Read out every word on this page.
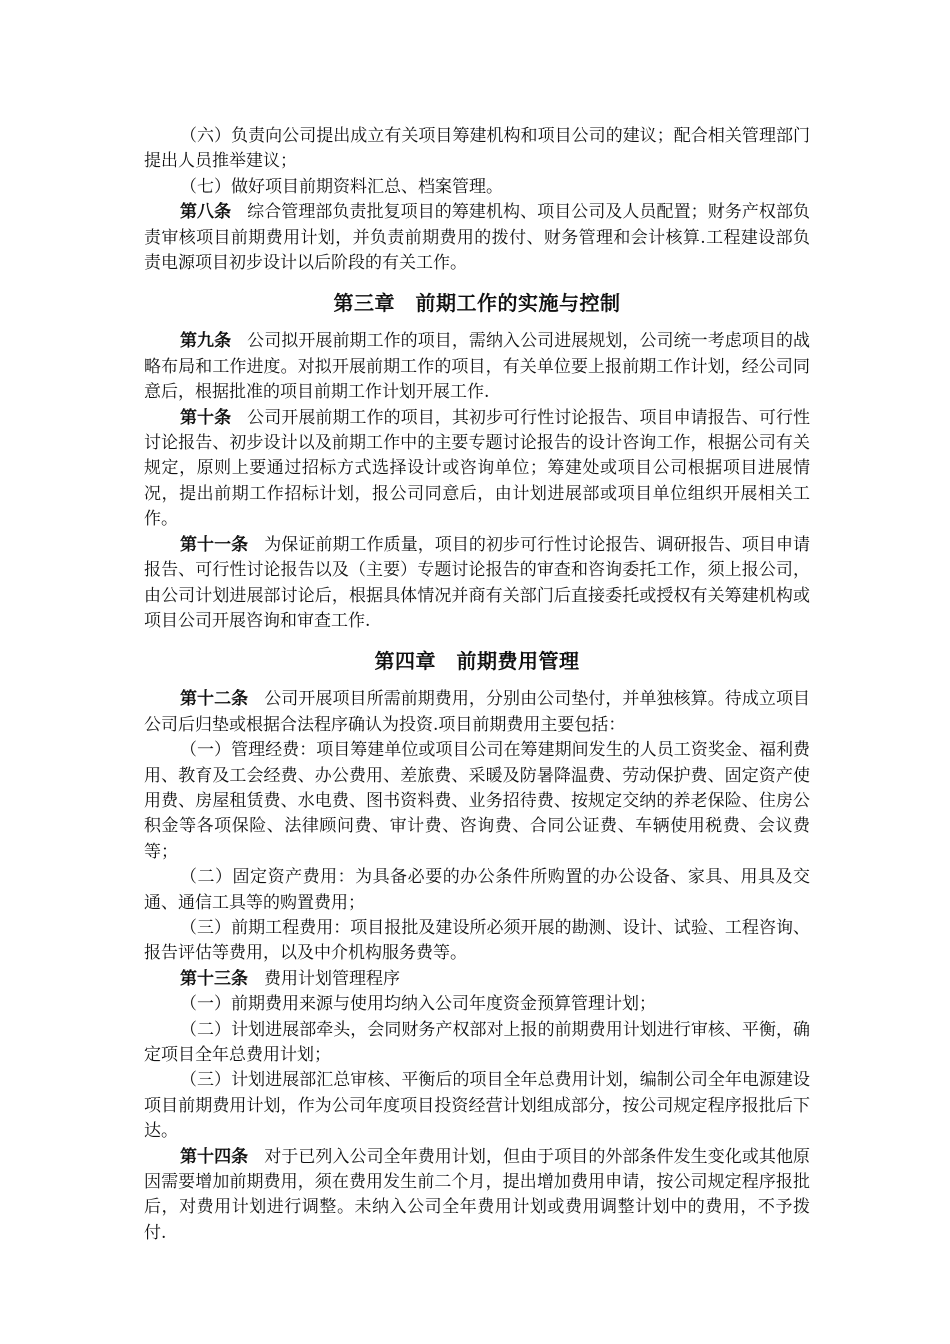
（六）负责向公司提出成立有关项目筹建机构和项目公司的建议；配合相关管理部门提出人员推举建议；

（七）做好项目前期资料汇总、档案管理。

第八条 综合管理部负责批复项目的筹建机构、项目公司及人员配置；财务产权部负责审核项目前期费用计划，并负责前期费用的拨付、财务管理和会计核算.工程建设部负责电源项目初步设计以后阶段的有关工作。

第三章　前期工作的实施与控制

第九条 公司拟开展前期工作的项目，需纳入公司进展规划，公司统一考虑项目的战略布局和工作进度。对拟开展前期工作的项目，有关单位要上报前期工作计划，经公司同意后，根据批准的项目前期工作计划开展工作.

第十条 公司开展前期工作的项目，其初步可行性讨论报告、项目申请报告、可行性讨论报告、初步设计以及前期工作中的主要专题讨论报告的设计咨询工作，根据公司有关规定，原则上要通过招标方式选择设计或咨询单位；筹建处或项目公司根据项目进展情况，提出前期工作招标计划，报公司同意后，由计划进展部或项目单位组织开展相关工作。

第十一条 为保证前期工作质量，项目的初步可行性讨论报告、调研报告、项目申请报告、可行性讨论报告以及（主要）专题讨论报告的审查和咨询委托工作，须上报公司，由公司计划进展部讨论后，根据具体情况并商有关部门后直接委托或授权有关筹建机构或项目公司开展咨询和审查工作.

第四章　前期费用管理

第十二条 公司开展项目所需前期费用，分别由公司垫付，并单独核算。待成立项目公司后归垫或根据合法程序确认为投资.项目前期费用主要包括：

（一）管理经费：项目筹建单位或项目公司在筹建期间发生的人员工资奖金、福利费用、教育及工会经费、办公费用、差旅费、采暖及防暑降温费、劳动保护费、固定资产使用费、房屋租赁费、水电费、图书资料费、业务招待费、按规定交纳的养老保险、住房公积金等各项保险、法律顾问费、审计费、咨询费、合同公证费、车辆使用税费、会议费等；

（二）固定资产费用：为具备必要的办公条件所购置的办公设备、家具、用具及交通、通信工具等的购置费用；

（三）前期工程费用：项目报批及建设所必须开展的勘测、设计、试验、工程咨询、报告评估等费用，以及中介机构服务费等。

第十三条 费用计划管理程序

（一）前期费用来源与使用均纳入公司年度资金预算管理计划；

（二）计划进展部牵头，会同财务产权部对上报的前期费用计划进行审核、平衡，确定项目全年总费用计划；

（三）计划进展部汇总审核、平衡后的项目全年总费用计划，编制公司全年电源建设项目前期费用计划，作为公司年度项目投资经营计划组成部分，按公司规定程序报批后下达。

第十四条 对于已列入公司全年费用计划，但由于项目的外部条件发生变化或其他原因需要增加前期费用，须在费用发生前二个月，提出增加费用申请，按公司规定程序报批后，对费用计划进行调整。未纳入公司全年费用计划或费用调整计划中的费用，不予拨付.
